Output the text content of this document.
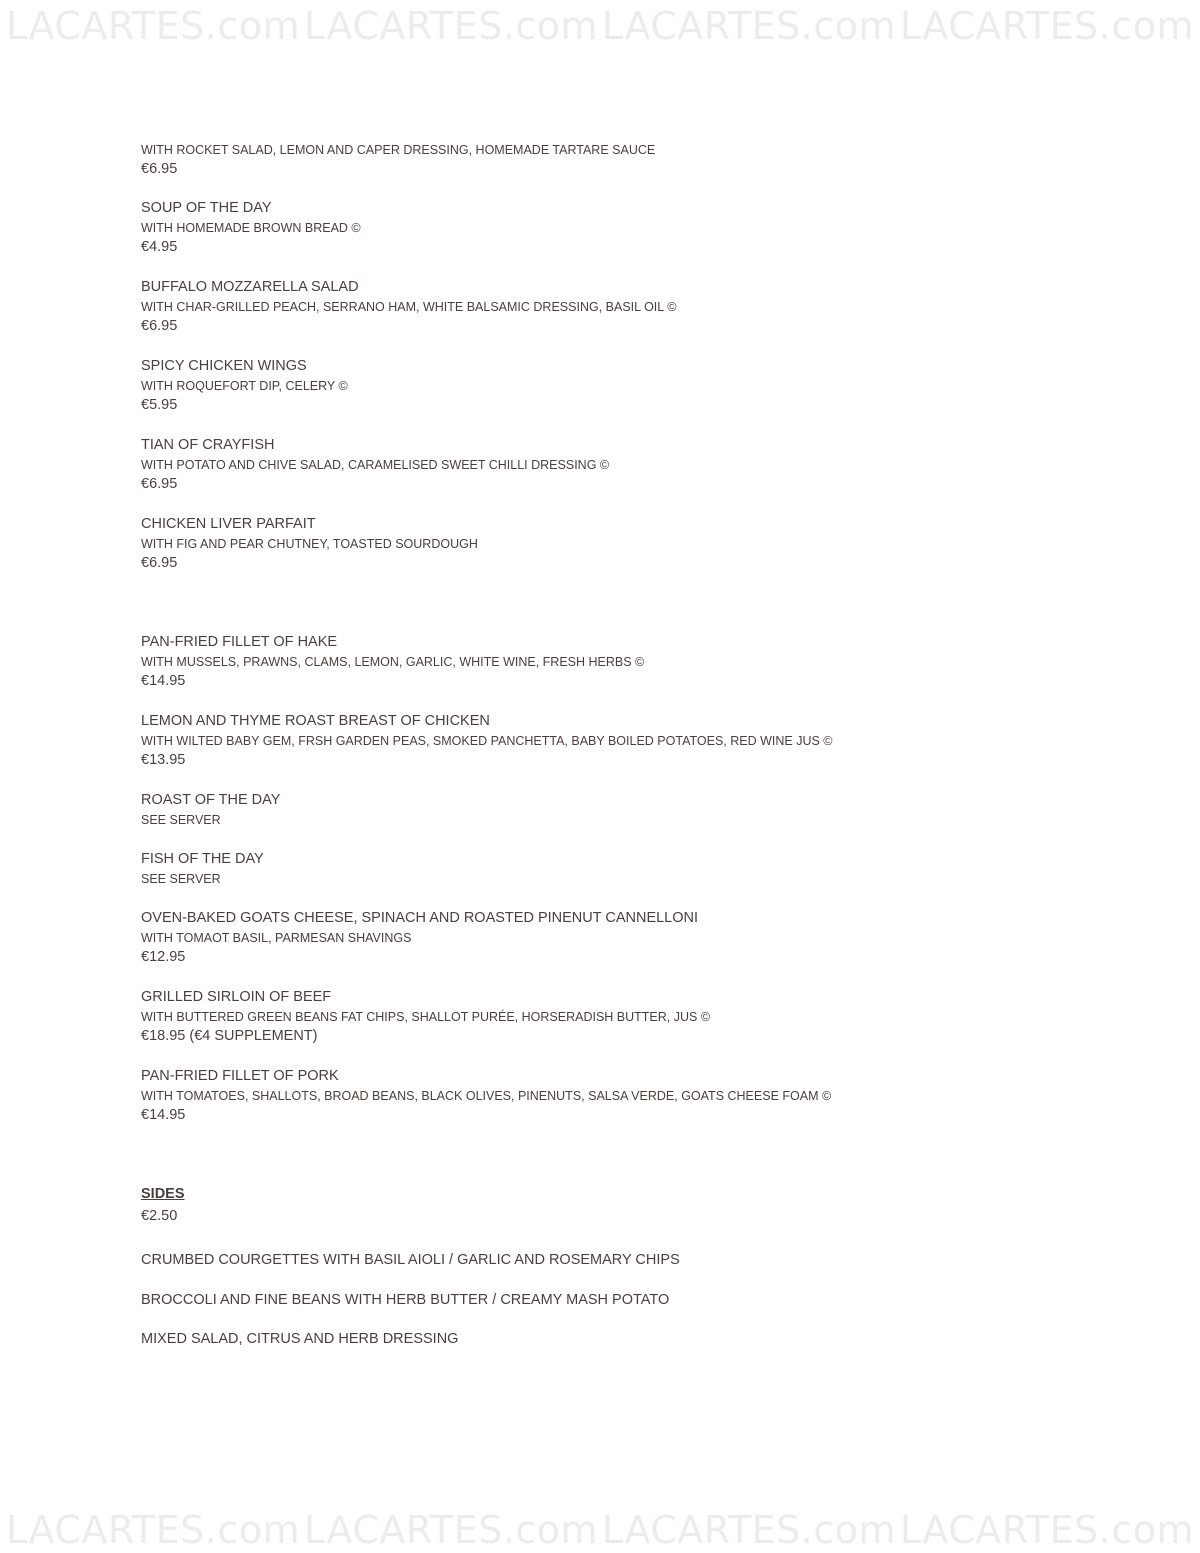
LACARTES.com LACARTES.com LACARTES.com LACARTES.com
LACARTES.com LACARTES.com LACARTES.com LACARTES.com
WITH ROCKET SALAD, LEMON AND CAPER DRESSING, HOMEMADE TARTARE SAUCE
€6.95
SOUP OF THE DAY
WITH HOMEMADE BROWN BREAD ©
€4.95
BUFFALO MOZZARELLA SALAD
WITH CHAR-GRILLED PEACH, SERRANO HAM, WHITE BALSAMIC DRESSING, BASIL OIL ©
€6.95
SPICY CHICKEN WINGS
WITH ROQUEFORT DIP, CELERY ©
€5.95
TIAN OF CRAYFISH
WITH POTATO AND CHIVE SALAD, CARAMELISED SWEET CHILLI DRESSING ©
€6.95
CHICKEN LIVER PARFAIT
WITH FIG AND PEAR CHUTNEY, TOASTED SOURDOUGH
€6.95
PAN-FRIED FILLET OF HAKE
WITH MUSSELS, PRAWNS, CLAMS, LEMON, GARLIC, WHITE WINE, FRESH HERBS ©
€14.95
LEMON AND THYME ROAST BREAST OF CHICKEN
WITH WILTED BABY GEM, FRSH GARDEN PEAS, SMOKED PANCHETTA, BABY BOILED POTATOES, RED WINE JUS ©
€13.95
ROAST OF THE DAY
SEE SERVER
FISH OF THE DAY
SEE SERVER
OVEN-BAKED GOATS CHEESE, SPINACH AND ROASTED PINENUT CANNELLONI
WITH TOMAOT BASIL, PARMESAN SHAVINGS
€12.95
GRILLED SIRLOIN OF BEEF
WITH BUTTERED GREEN BEANS FAT CHIPS, SHALLOT PURÉE, HORSERADISH BUTTER, JUS ©
€18.95 (€4 SUPPLEMENT)
PAN-FRIED FILLET OF PORK
WITH TOMATOES, SHALLOTS, BROAD BEANS, BLACK OLIVES, PINENUTS, SALSA VERDE, GOATS CHEESE FOAM ©
€14.95
SIDES
€2.50
CRUMBED COURGETTES WITH BASIL AIOLI / GARLIC AND ROSEMARY CHIPS
BROCCOLI AND FINE BEANS WITH HERB BUTTER / CREAMY MASH POTATO
MIXED SALAD, CITRUS AND HERB DRESSING
